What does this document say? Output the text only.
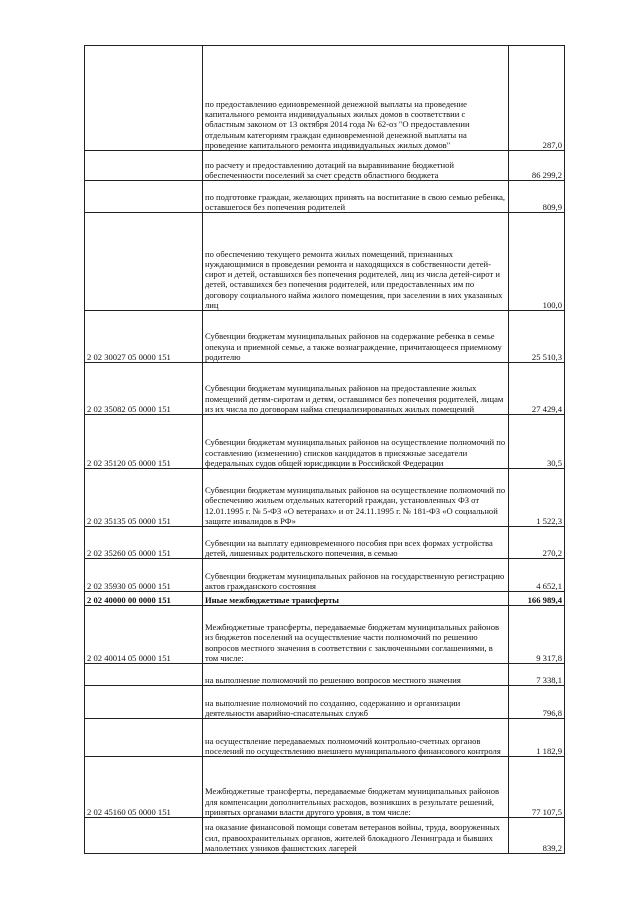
	по предоставлению единовременной денежной выплаты на проведение капитального ремонта индивидуальных жилых домов в соответствии с областным законом от 13 октября 2014 года № 62-оз "О предоставлении отдельным категориям граждан единовременной денежной выплаты на проведение капитального ремонта индивидуальных жилых домов"	287,0
	по расчету и предоставлению дотаций на выравнивание бюджетной обеспеченности поселений за счет средств областного бюджета	86 299,2
	по подготовке граждан, желающих принять на воспитание в свою семью ребенка, оставшегося без попечения родителей	809,9
	по обеспечению текущего ремонта жилых помещений, признанных нуждающимися в проведении ремонта и находящихся в собственности детей-сирот и детей, оставшихся без попечения родителей, лиц из числа детей-сирот и детей, оставшихся без попечения родителей, или предоставленных им по договору социального найма жилого помещения, при заселении в них указанных лиц	100,0
2 02 30027 05 0000 151	Субвенции бюджетам муниципальных районов на содержание ребенка в семье опекуна и приемной семье, а также вознаграждение, причитающееся приемному родителю	25 510,3
2 02 35082 05 0000 151	Субвенции бюджетам муниципальных районов на предоставление жилых помещений детям-сиротам и детям, оставшимся без попечения родителей, лицам из их числа по договорам найма специализированных жилых помещений	27 429,4
2 02 35120 05 0000 151	Субвенции бюджетам муниципальных районов на осуществление полномочий по составлению (изменению) списков кандидатов в присяжные заседатели федеральных судов общей юрисдикции в Российской Федерации	30,5
2 02 35135 05 0000 151	Субвенции бюджетам муниципальных районов на осуществление полномочий по обеспечению жильем отдельных категорий граждан, установленных ФЗ от 12.01.1995 г. № 5-ФЗ «О ветеранах» и от 24.11.1995 г. № 181-ФЗ «О социальной защите инвалидов в РФ»	1 522,3
2 02 35260 05 0000 151	Субвенции на выплату единовременного пособия при всех формах устройства детей, лишенных родительского попечения, в семью	270,2
2 02 35930 05 0000 151	Субвенции бюджетам муниципальных районов на государственную регистрацию актов гражданского состояния	4 652,1
2 02 40000 00 0000 151	Иные межбюджетные трансферты	166 989,4
2 02 40014 05 0000 151	Межбюджетные трансферты, передаваемые бюджетам муниципальных районов из бюджетов поселений на осуществление части полномочий по решению вопросов местного значения в соответствии с заключенными соглашениями, в том числе:	9 317,8
	на выполнение полномочий по решению вопросов местного значения	7 338,1
	на выполнение полномочий по созданию, содержанию и организации деятельности аварийно-спасательных служб	796,8
	на осуществление передаваемых полномочий контрольно-счетных органов поселений по осуществлению внешнего муниципального финансового контроля	1 182,9
2 02 45160 05 0000 151	Межбюджетные трансферты, передаваемые бюджетам муниципальных районов для компенсации дополнительных расходов, возникших в результате решений, принятых органами власти другого уровня, в том числе:	77 107,5
	на оказание финансовой помощи советам ветеранов войны, труда, вооруженных сил, правоохранительных органов, жителей блокадного Ленинграда и бывших малолетних узников фашистских лагерей	839,2
